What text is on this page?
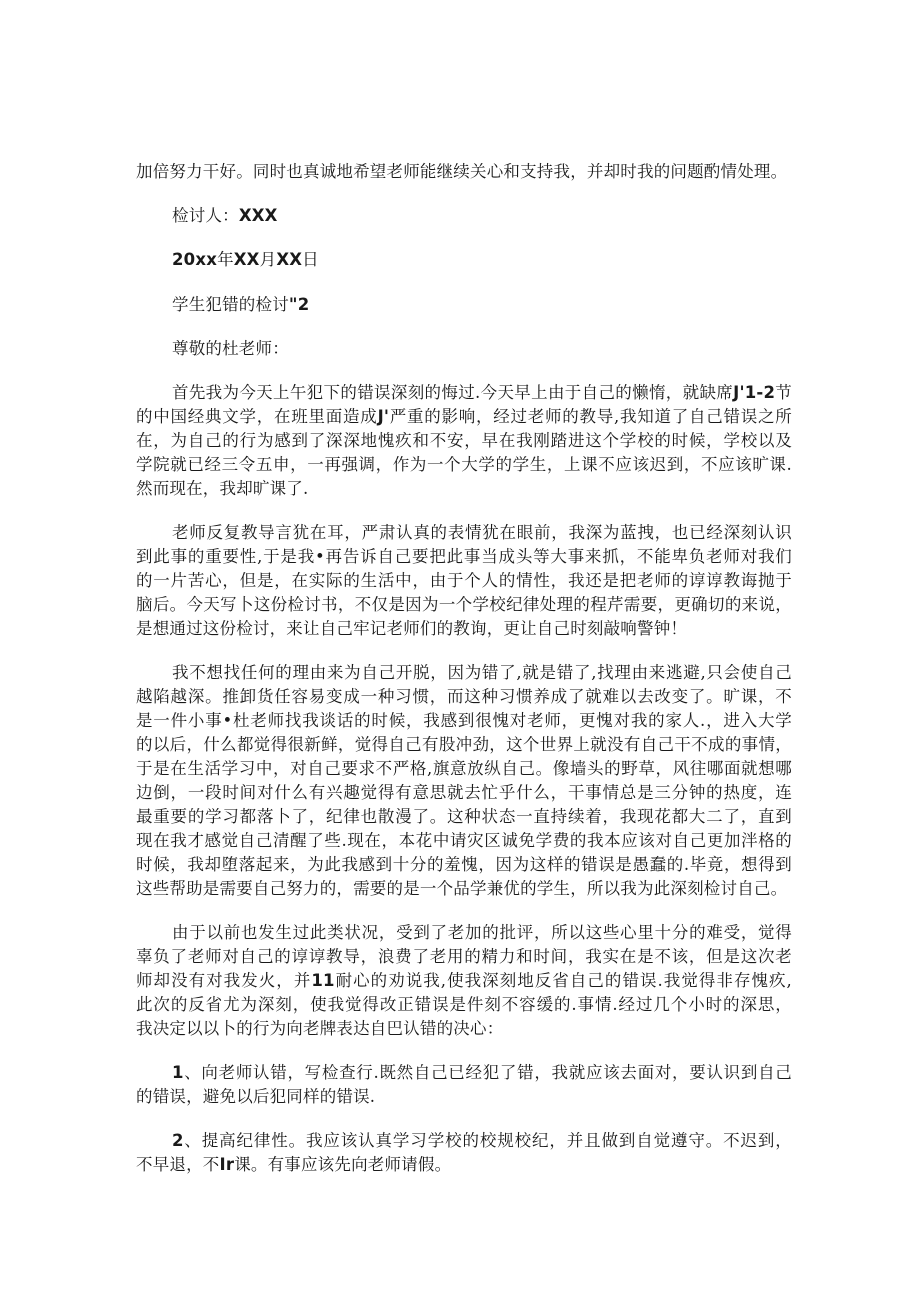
加倍努力干好。同时也真诚地希望老师能继续关心和支持我，并却时我的问题酌情处理。
检讨人：XXX
20xx年XX月XX日
学生犯错的检讨"2
尊敬的杜老师：
首先我为今天上午犯下的错误深刻的悔过.今天早上由于自己的懒惰，就缺席J'1-2节
的中国经典文学，在班里面造成J'严重的影响，经过老师的教导,我知道了自己错误之所
在，为自己的行为感到了深深地愧疚和不安，早在我刚踏进这个学校的时候，学校以及
学院就已经三令五申，一再强调，作为一个大学的学生，上课不应该迟到，不应该旷课.
然而现在，我却旷课了.
老师反复教导言犹在耳，严肃认真的表情犹在眼前，我深为蓝拽，也已经深刻认识
到此事的重要性,于是我•再告诉自己要把此事当成头等大事来抓，不能卑负老师对我们
的一片苦心，但是，在实际的生活中，由于个人的情性，我还是把老师的谆谆教诲抛于
脑后。今天写卜这份检讨书，不仅是因为一个学校纪律处理的程芹需要，更确切的来说，
是想通过这份检讨，来让自己牢记老师们的教询，更让自己时刻敲响警钟！
我不想找任何的理由来为自己开脱，因为错了,就是错了,找理由来逃避,只会使自己
越陷越深。推卸货任容易变成一种习惯，而这种习惯养成了就难以去改变了。旷课，不
是一件小事•杜老师找我谈话的时候，我感到很愧对老师，更愧对我的家人.，进入大学
的以后，什么都觉得很新鲜，觉得自己有股冲劲，这个世界上就没有自己干不成的事情，
于是在生活学习中，对自己要求不严格,旗意放纵自己。像墙头的野草，风往哪面就想哪
边倒，一段时间对什么有兴趣觉得有意思就去忙乎什么，干事情总是三分钟的热度，连
最重要的学习都落卜了，纪律也散漫了。这种状态一直持续着，我现花都大二了，直到
现在我才感觉自己清醒了些.现在，本花中请灾区诚免学费的我本应该对自己更加泮格的
时候，我却堕落起来，为此我感到十分的羞愧，因为这样的错误是愚蠢的.毕竟，想得到
这些帮助是需要自己努力的，需要的是一个品学兼优的学生，所以我为此深刻检讨自己。
由于以前也发生过此类状况，受到了老加的批评，所以这些心里十分的难受，觉得
辜负了老师对自己的谆谆教导，浪费了老用的精力和时间，我实在是不该，但是这次老
师却没有对我发火，并11耐心的劝说我,使我深刻地反省自己的错误.我觉得非存愧疚,
此次的反省尤为深刻，使我觉得改正错误是件刻不容缓的.事情.经过几个小时的深思，
我决定以以卜的行为向老牌表达自巴认错的决心：
1、向老师认错，写检查行.既然自己已经犯了错，我就应该去面对，要认识到自己
的错误，避免以后犯同样的错误.
2、提高纪律性。我应该认真学习学校的校规校纪，并且做到自觉遵守。不迟到，
不早退，不Ir课。有事应该先向老师请假。
